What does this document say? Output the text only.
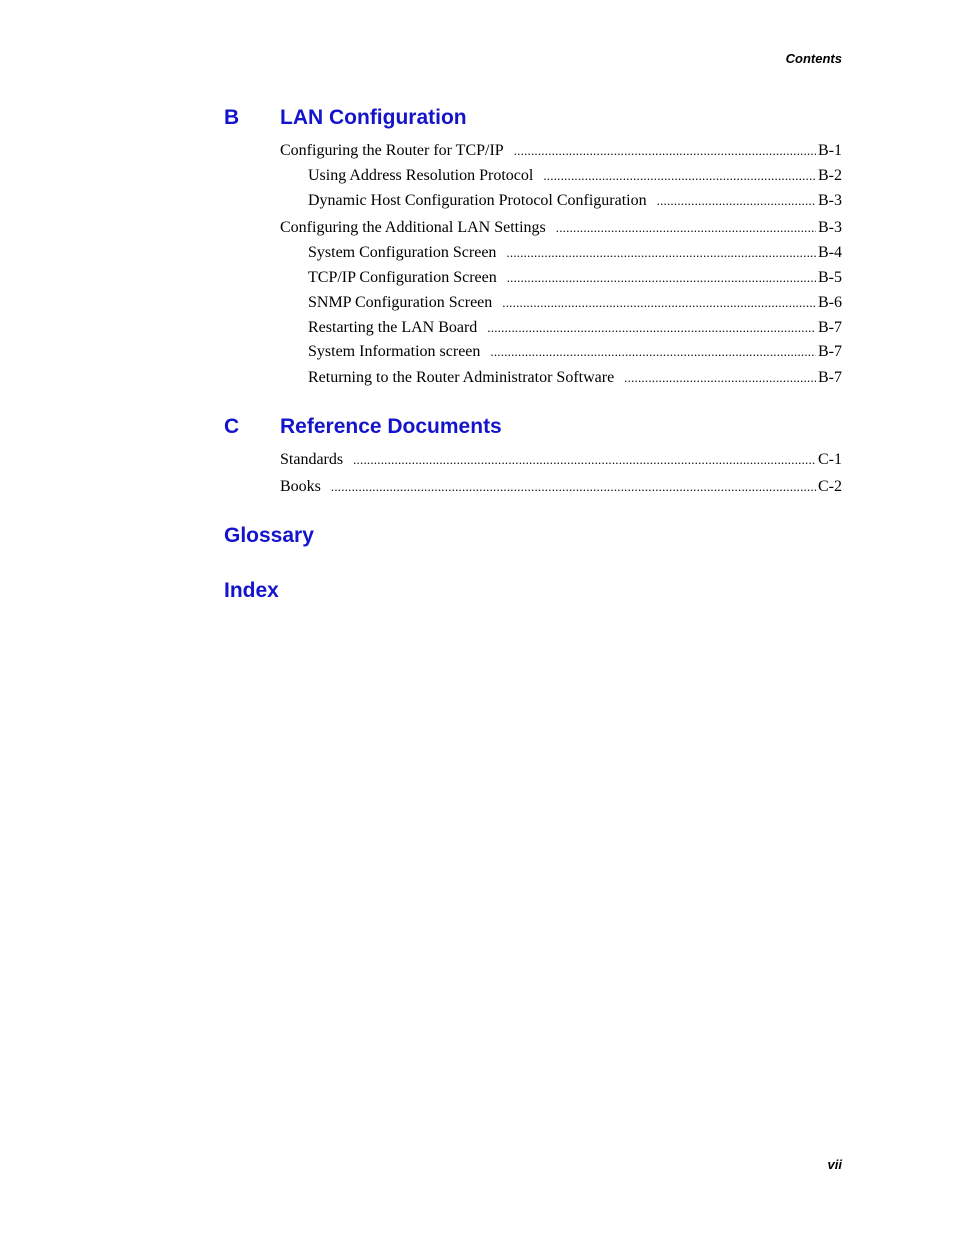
Contents
B LAN Configuration
Configuring the Router for TCP/IP .....	B-1
Using Address Resolution Protocol .....	B-2
Dynamic Host Configuration Protocol Configuration .....	B-3
Configuring the Additional LAN Settings .....	B-3
System Configuration Screen .....	B-4
TCP/IP Configuration Screen .....	B-5
SNMP Configuration Screen .....	B-6
Restarting the LAN Board .....	B-7
System Information screen .....	B-7
Returning to the Router Administrator Software .....	B-7
C Reference Documents
Standards .....	C-1
Books .....	C-2
Glossary
Index
vii
